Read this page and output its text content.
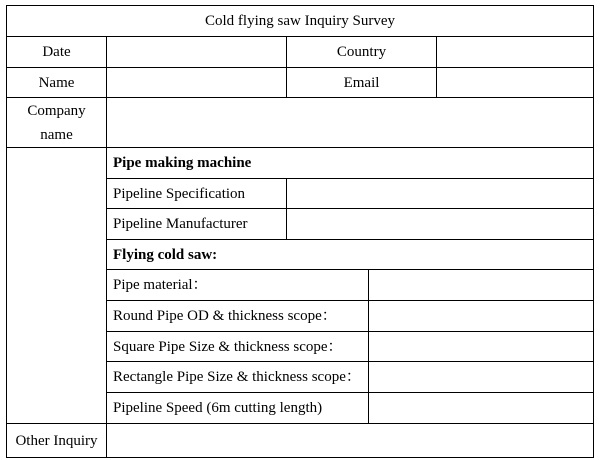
Cold flying saw Inquiry Survey
Date	Country
Name	Email
Company name
Pipe making machine
Pipeline Specification
Pipeline Manufacturer
Flying cold saw:
Pipe material：
Round Pipe OD & thickness scope：
Square Pipe Size & thickness scope：
Rectangle Pipe Size & thickness scope：
Pipeline Speed (6m cutting length)
Other Inquiry
